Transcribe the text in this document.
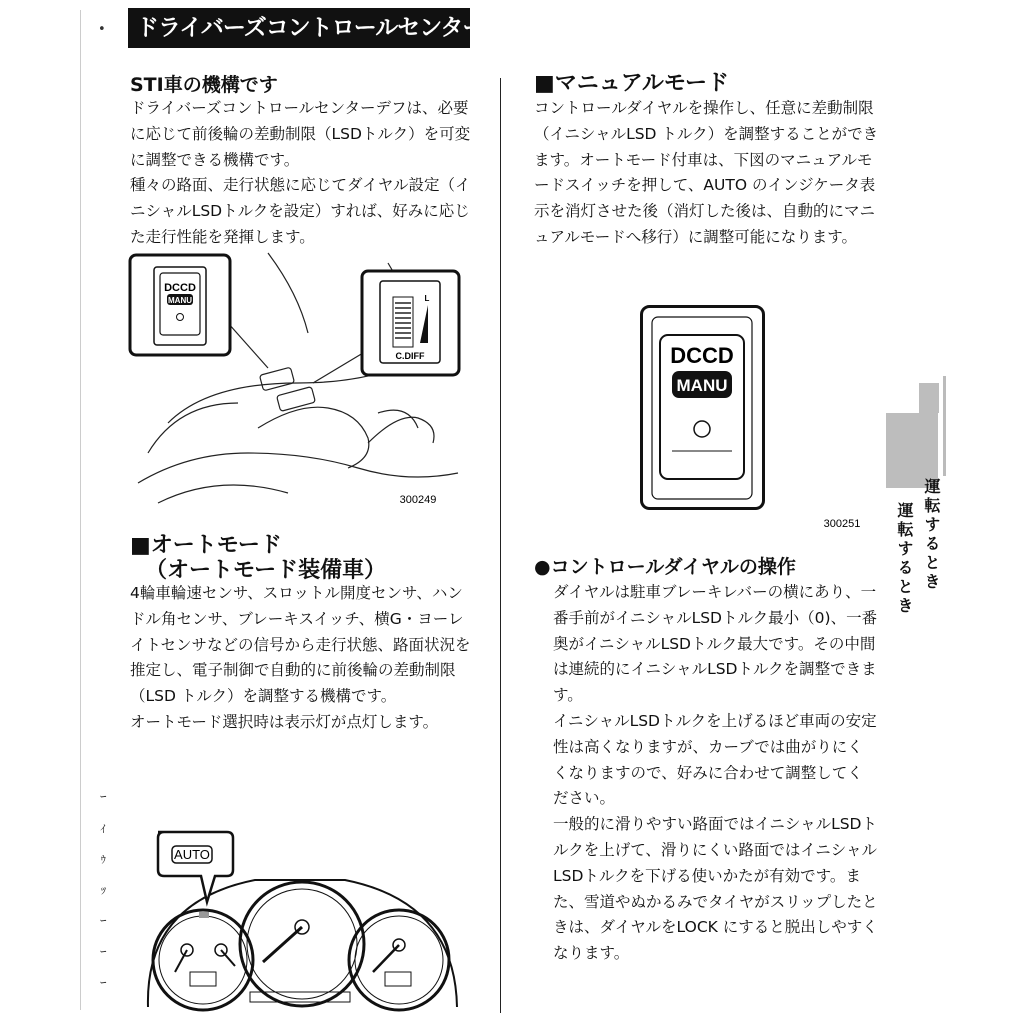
•	ドライバーズコントロールセンターデフ
STI車の機構です

ドライバーズコントロールセンターデフは、必要に応じて前後輪の差動制限（LSDトルク）を可変に調整できる機構です。

種々の路面、走行状態に応じてダイヤル設定（イニシャルLSDトルクを設定）すれば、好みに応じた走行性能を発揮します。

DCCD
MANU	L
C.DIFF
300249
■オートモード
（オートモード装備車）

4輪車輪速センサ、スロットル開度センサ、ハンドル角センサ、ブレーキスイッチ、横G・ヨーレイトセンサなどの信号から走行状態、路面状況を推定し、電子制御で自動的に前後輪の差動制限（LSD トルク）を調整する機構です。

オートモード選択時は表示灯が点灯します。

ｰ
ｨ
ｩ
ｯ
ｰ
ｰ
ｰ
AUTO
■マニュアルモード

コントロールダイヤルを操作し、任意に差動制限（イニシャルLSD トルク）を調整することができます。オートモード付車は、下図のマニュアルモードスイッチを押して、AUTO のインジケータ表示を消灯させた後（消灯した後は、自動的にマニュアルモードへ移行）に調整可能になります。

DCCD
MANU
300251
●コントロールダイヤルの操作

ダイヤルは駐車ブレーキレバーの横にあり、一番手前がイニシャルLSDトルク最小（0)、一番奥がイニシャルLSDトルク最大です。その中間は連続的にイニシャルLSDトルクを調整できます。

イニシャルLSDトルクを上げるほど車両の安定性は高くなりますが、カーブでは曲がりにくくなりますので、好みに合わせて調整してください。

一般的に滑りやすい路面ではイニシャルLSDトルクを上げて、滑りにくい路面ではイニシャルLSDトルクを下げる使いかたが有効です。また、雪道やぬかるみでタイヤがスリップしたときは、ダイヤルをLOCK にすると脱出しやすくなります。

運転するとき
運転するとき
